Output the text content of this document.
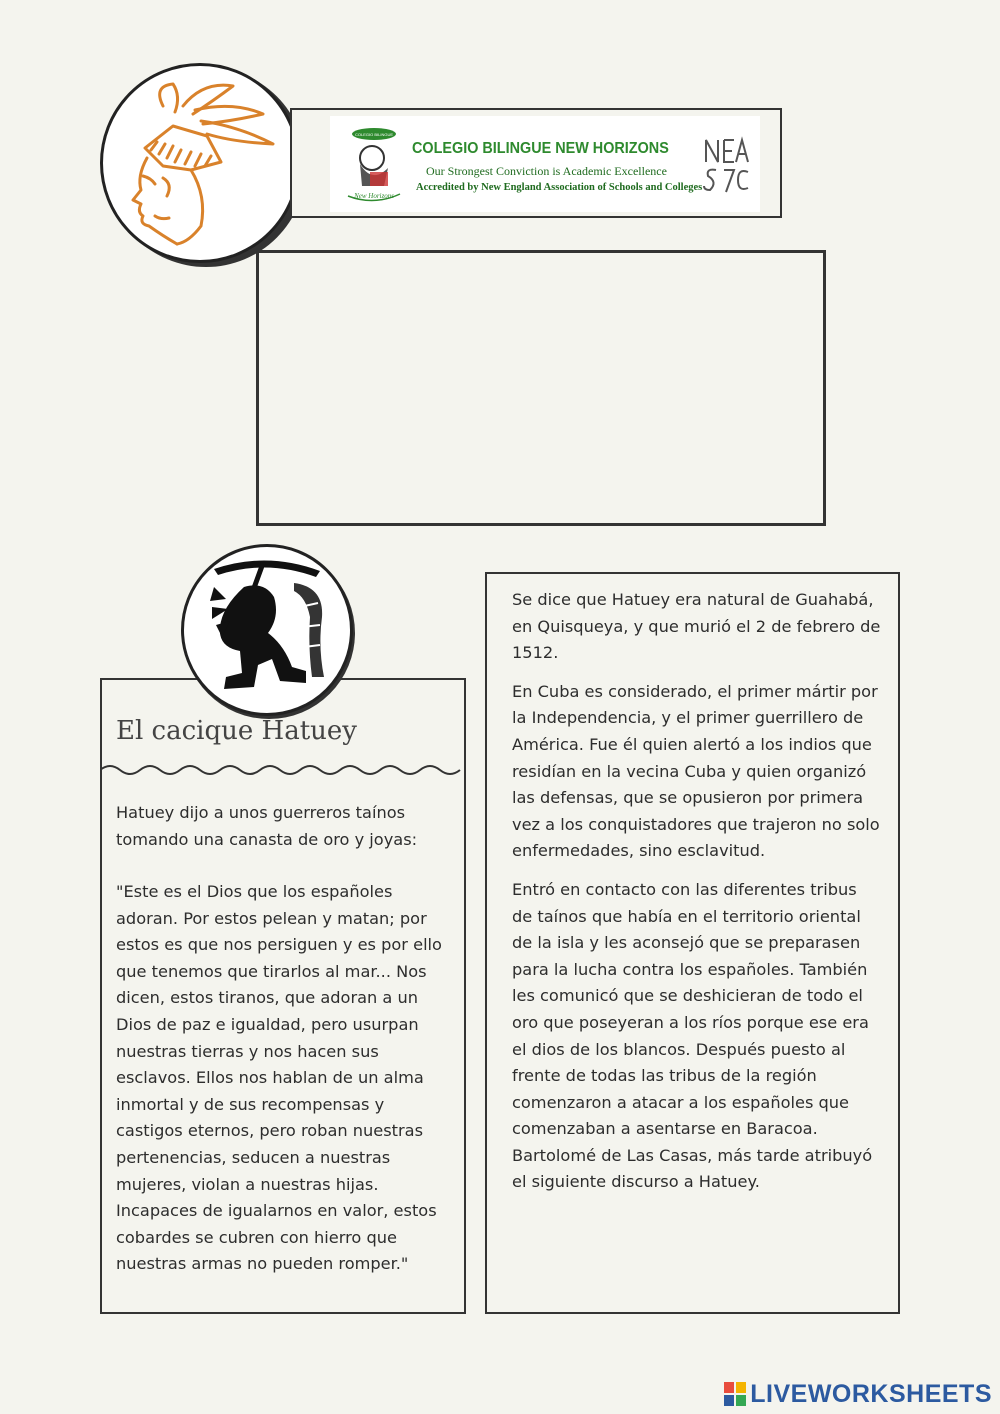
COLEGIO BILINGUE
New Horizons
COLEGIO BILINGUE NEW HORIZONS
Our Strongest Conviction is Academic Excellence
Accredited by New England Association of Schools and Colleges
El cacique Hatuey

Hatuey dijo a unos guerreros taínos tomando una canasta de oro y joyas:

"Este es el Dios que los españoles adoran. Por estos pelean y matan; por estos es que nos persiguen y es por ello que tenemos que tirarlos al mar... Nos dicen, estos tiranos, que adoran a un Dios de paz e igualdad, pero usurpan nuestras tierras y nos hacen sus esclavos. Ellos nos hablan de un alma inmortal y de sus recompensas y castigos eternos, pero roban nuestras pertenencias, seducen a nuestras mujeres, violan a nuestras hijas. Incapaces de igualarnos en valor, estos cobardes se cubren con hierro que nuestras armas no pueden romper."

Se dice que Hatuey era natural de Guahabá, en Quisqueya, y que murió el 2 de febrero de 1512.

En Cuba es considerado, el primer mártir por la Independencia, y el primer guerrillero de América. Fue él quien alertó a los indios que residían en la vecina Cuba y quien organizó las defensas, que se opusieron por primera vez a los conquistadores que trajeron no solo enfermedades, sino esclavitud.

Entró en contacto con las diferentes tribus de taínos que había en el territorio oriental de la isla y les aconsejó que se preparasen para la lucha contra los españoles. También les comunicó que se deshicieran de todo el oro que poseyeran a los ríos porque ese era el dios de los blancos. Después puesto al frente de todas las tribus de la región comenzaron a atacar a los españoles que comenzaban a asentarse en Baracoa. Bartolomé de Las Casas, más tarde atribuyó el siguiente discurso a Hatuey.

LIVEWORKSHEETS
